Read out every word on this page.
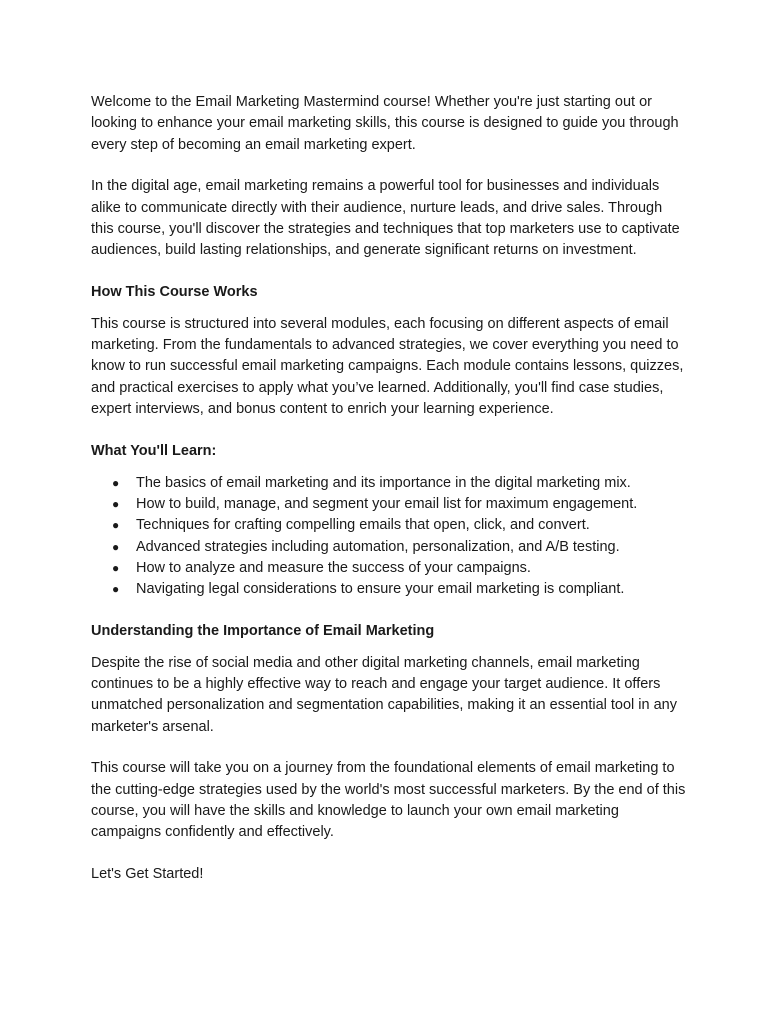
Welcome to the Email Marketing Mastermind course! Whether you're just starting out or looking to enhance your email marketing skills, this course is designed to guide you through every step of becoming an email marketing expert.

In the digital age, email marketing remains a powerful tool for businesses and individuals alike to communicate directly with their audience, nurture leads, and drive sales. Through this course, you'll discover the strategies and techniques that top marketers use to captivate audiences, build lasting relationships, and generate significant returns on investment.

How This Course Works

This course is structured into several modules, each focusing on different aspects of email marketing. From the fundamentals to advanced strategies, we cover everything you need to know to run successful email marketing campaigns. Each module contains lessons, quizzes, and practical exercises to apply what you’ve learned. Additionally, you'll find case studies, expert interviews, and bonus content to enrich your learning experience.

What You'll Learn:

● The basics of email marketing and its importance in the digital marketing mix.
● How to build, manage, and segment your email list for maximum engagement.
● Techniques for crafting compelling emails that open, click, and convert.
● Advanced strategies including automation, personalization, and A/B testing.
● How to analyze and measure the success of your campaigns.
● Navigating legal considerations to ensure your email marketing is compliant.

Understanding the Importance of Email Marketing

Despite the rise of social media and other digital marketing channels, email marketing continues to be a highly effective way to reach and engage your target audience. It offers unmatched personalization and segmentation capabilities, making it an essential tool in any marketer's arsenal.

This course will take you on a journey from the foundational elements of email marketing to the cutting-edge strategies used by the world's most successful marketers. By the end of this course, you will have the skills and knowledge to launch your own email marketing campaigns confidently and effectively.

Let's Get Started!
